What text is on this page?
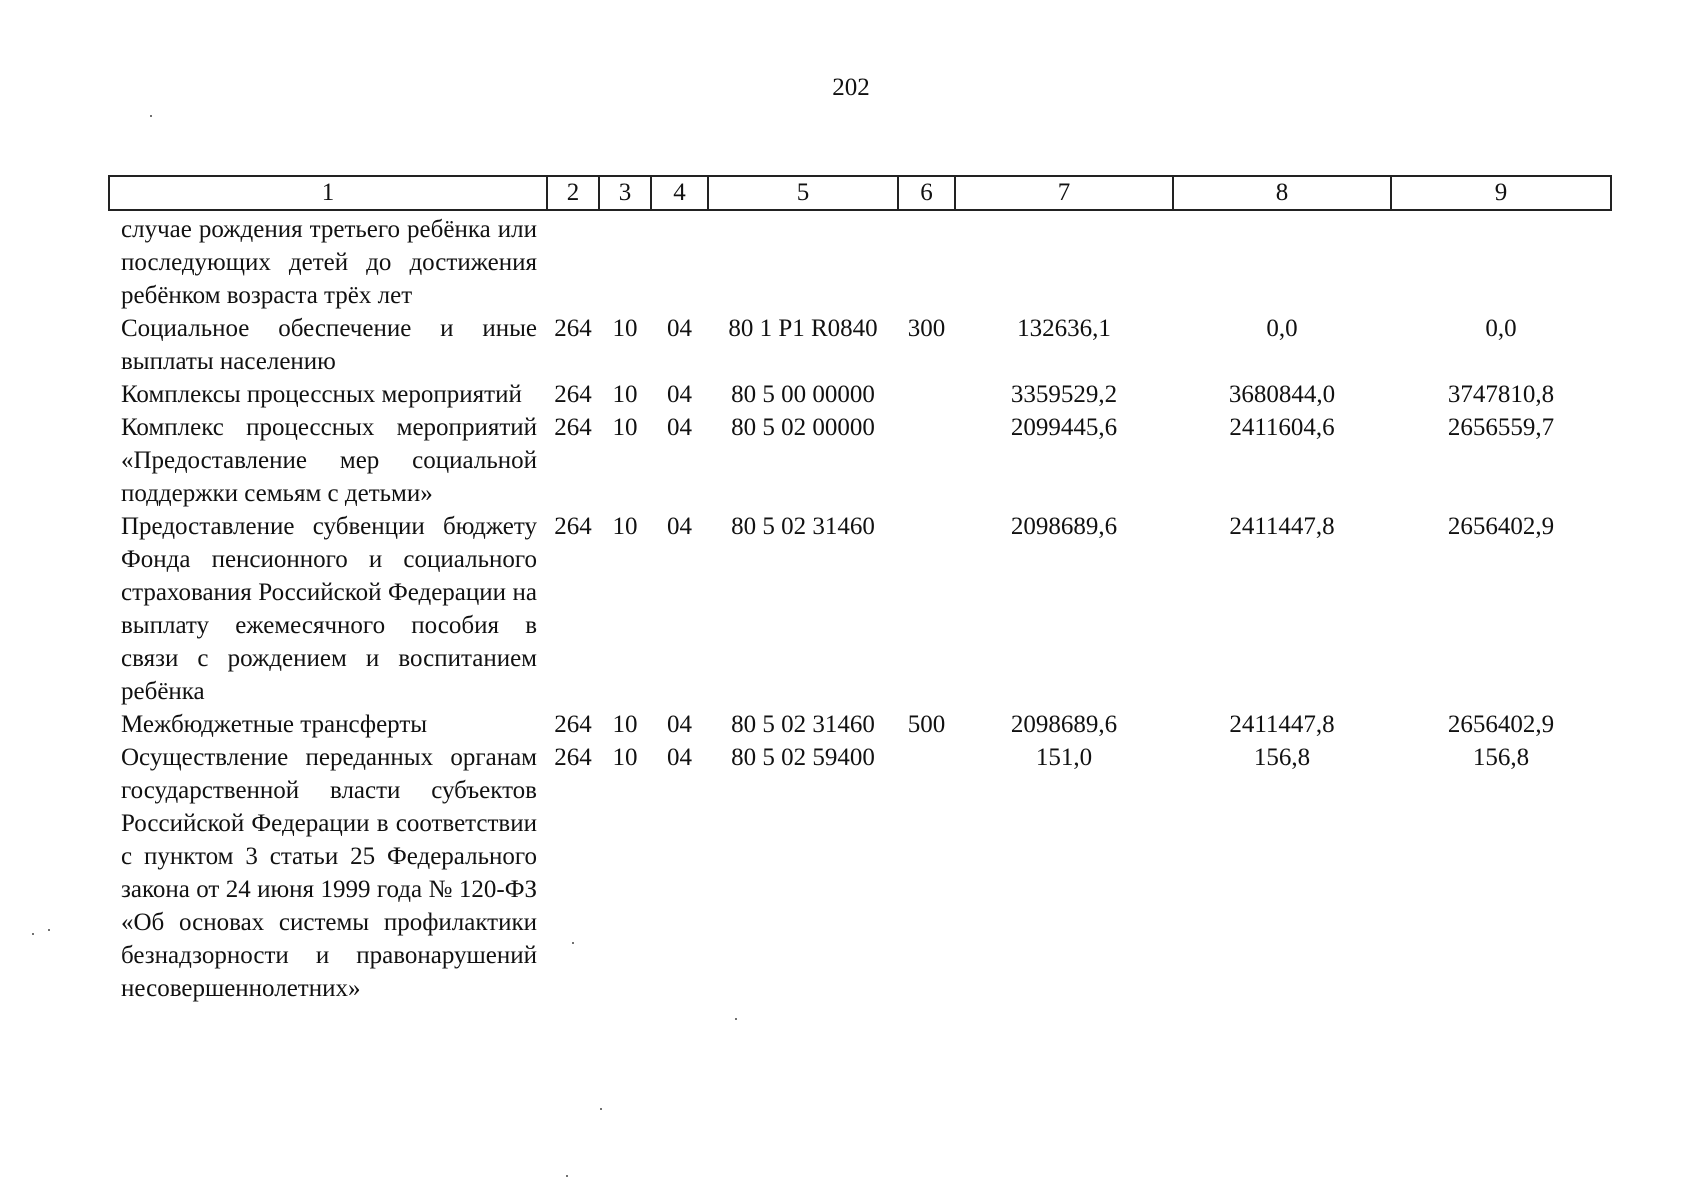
202
1	2	3	4	5	6	7	8	9
случае рождения третьего ребёнка или последующих детей до достижения ребёнком возраста трёх лет								
Социальное обеспечение и иные выплаты населению	264	10	04	80 1 P1 R0840	300	132636,1	0,0	0,0
Комплексы процессных мероприятий	264	10	04	80 5 00 00000		3359529,2	3680844,0	3747810,8
Комплекс процессных мероприятий «Предоставление мер социальной поддержки семьям с детьми»	264	10	04	80 5 02 00000		2099445,6	2411604,6	2656559,7
Предоставление субвенции бюджету Фонда пенсионного и социального страхования Российской Федерации на выплату ежемесячного пособия в связи с рождением и воспитанием ребёнка	264	10	04	80 5 02 31460		2098689,6	2411447,8	2656402,9
Межбюджетные трансферты	264	10	04	80 5 02 31460	500	2098689,6	2411447,8	2656402,9
Осуществление переданных органам государственной власти субъектов Российской Федерации в соответствии с пунктом 3 статьи 25 Федерального закона от 24 июня 1999 года № 120-ФЗ «Об основах системы профилактики безнадзорности и правонарушений несовершеннолетних»	264	10	04	80 5 02 59400		151,0	156,8	156,8
